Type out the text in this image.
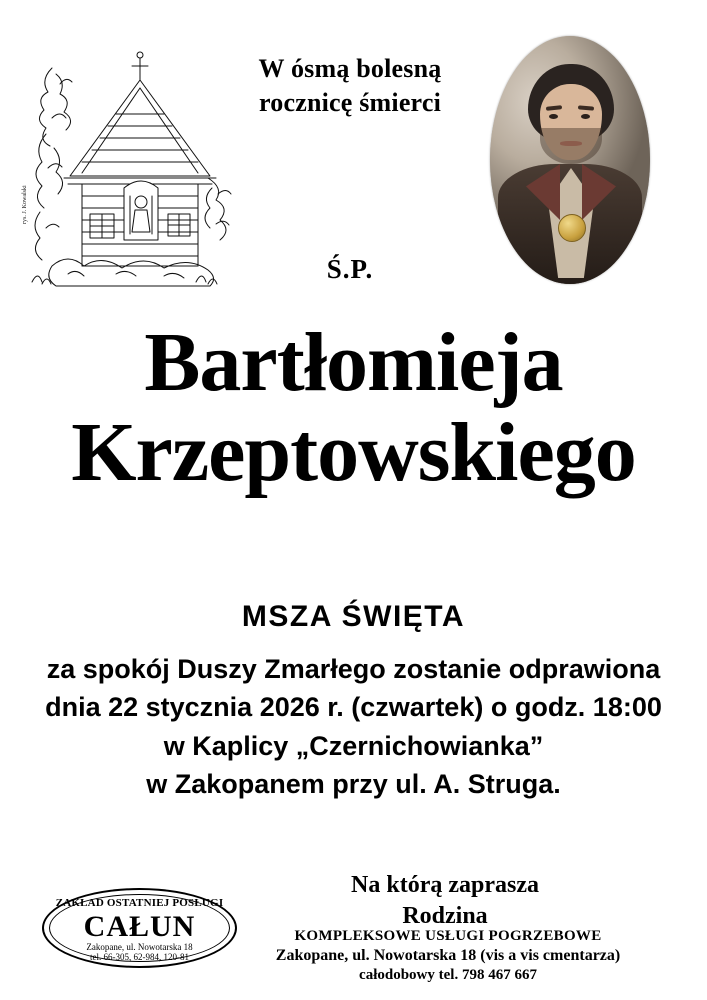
rys. J. Kowalski
W ósmą bolesną
rocznicę śmierci
Ś.P.
Bartłomieja
Krzeptowskiego
MSZA ŚWIĘTA
za spokój Duszy Zmarłego zostanie odprawiona
dnia 22 stycznia 2026 r. (czwartek) o godz. 18:00
w Kaplicy „Czernichowianka”
w Zakopanem przy ul. A. Struga.
Na którą zaprasza
Rodzina
ZAKŁAD OSTATNIEJ POSŁUGI
CAŁUN
Zakopane, ul. Nowotarska 18
tel. 66-305, 62-984, 120-81
KOMPLEKSOWE USŁUGI POGRZEBOWE
Zakopane, ul. Nowotarska 18 (vis a vis cmentarza)
całodobowy tel. 798 467 667
